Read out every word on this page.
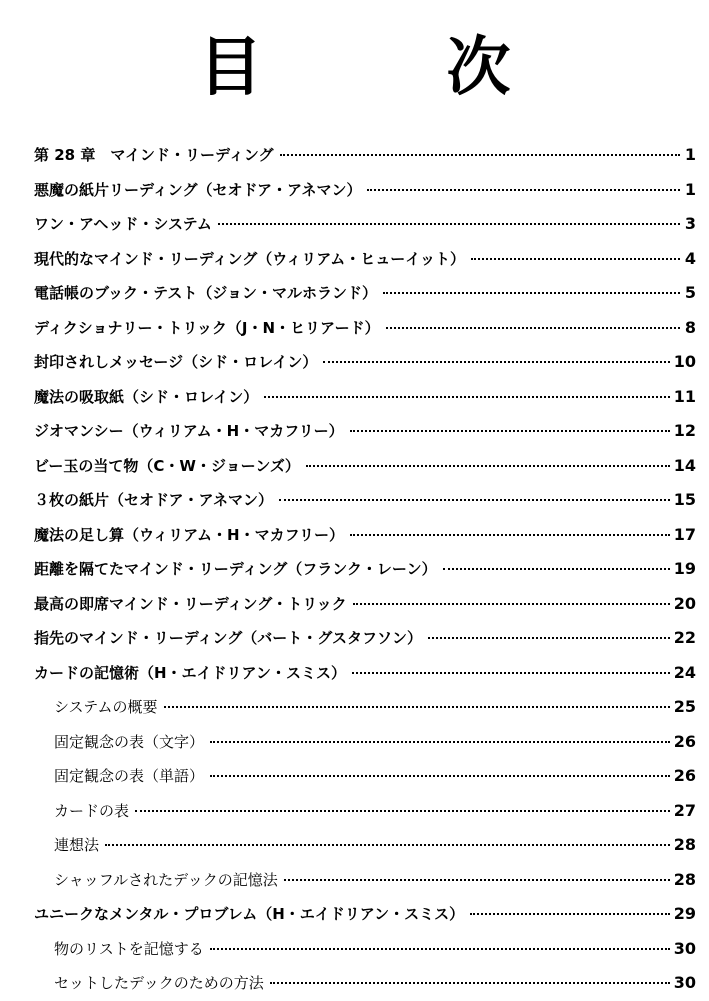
目　次
第 28 章　マインド・リーディング	1
悪魔の紙片リーディング（セオドア・アネマン）	1
ワン・アヘッド・システム	3
現代的なマインド・リーディング（ウィリアム・ヒューイット）	4
電話帳のブック・テスト（ジョン・マルホランド）	5
ディクショナリー・トリック（J・N・ヒリアード）	8
封印されしメッセージ（シド・ロレイン）	10
魔法の吸取紙（シド・ロレイン）	11
ジオマンシー（ウィリアム・H・マカフリー）	12
ビー玉の当て物（C・W・ジョーンズ）	14
３枚の紙片（セオドア・アネマン）	15
魔法の足し算（ウィリアム・H・マカフリー）	17
距離を隔てたマインド・リーディング（フランク・レーン）	19
最高の即席マインド・リーディング・トリック	20
指先のマインド・リーディング（バート・グスタフソン）	22
カードの記憶術（H・エイドリアン・スミス）	24
システムの概要	25
固定観念の表（文字）	26
固定観念の表（単語）	26
カードの表	27
連想法	28
シャッフルされたデックの記憶法	28
ユニークなメンタル・プロブレム（H・エイドリアン・スミス）	29
物のリストを記憶する	30
セットしたデックのための方法	30
